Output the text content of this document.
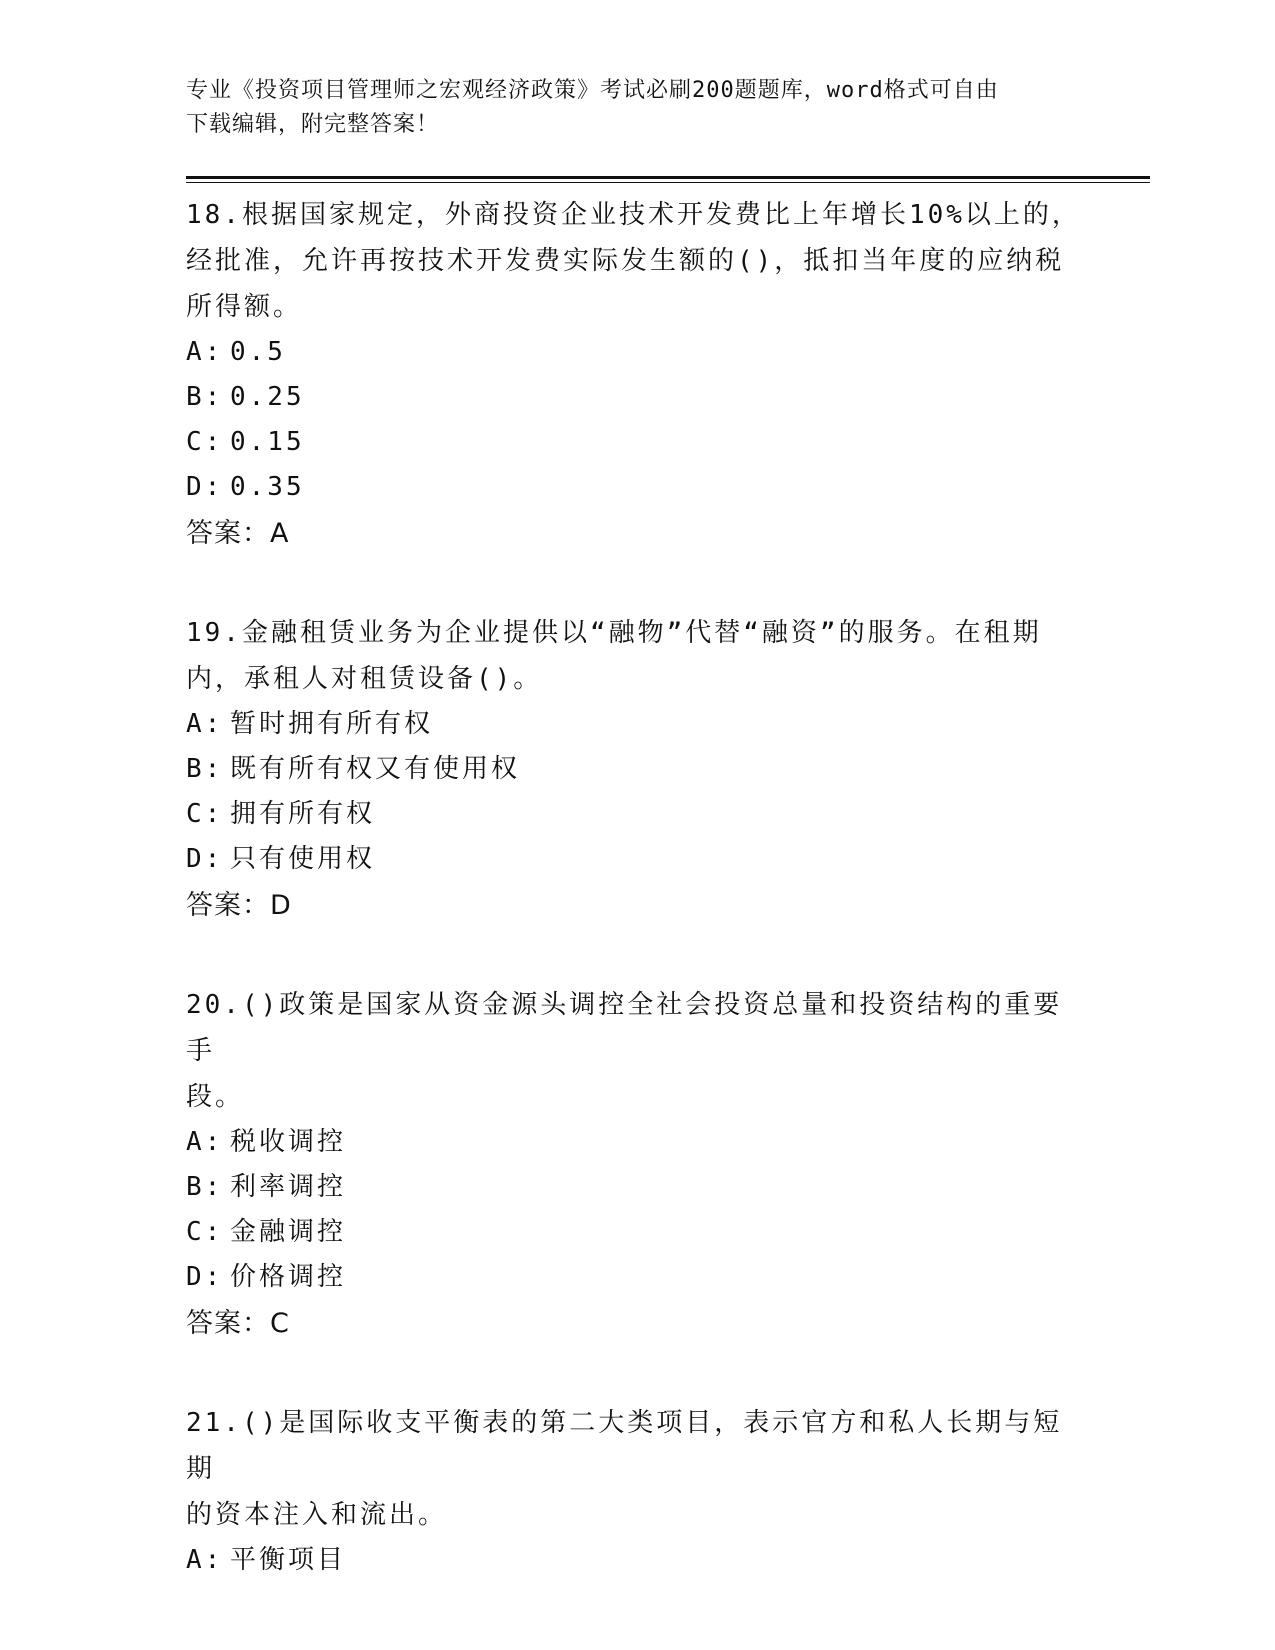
专业《投资项目管理师之宏观经济政策》考试必刷200题题库，word格式可自由
下载编辑，附完整答案！

18.根据国家规定，外商投资企业技术开发费比上年增长10%以上的，

经批准，允许再按技术开发费实际发生额的()，抵扣当年度的应纳税

所得额。

A: 0.5

B: 0.25

C: 0.15

D: 0.35

答案：A

19.金融租赁业务为企业提供以“融物”代替“融资”的服务。在租期

内，承租人对租赁设备()。

A: 暂时拥有所有权

B: 既有所有权又有使用权

C: 拥有所有权

D: 只有使用权

答案：D

20.()政策是国家从资金源头调控全社会投资总量和投资结构的重要手

段。

A: 税收调控

B: 利率调控

C: 金融调控

D: 价格调控

答案：C

21.()是国际收支平衡表的第二大类项目，表示官方和私人长期与短期

的资本注入和流出。

A: 平衡项目
